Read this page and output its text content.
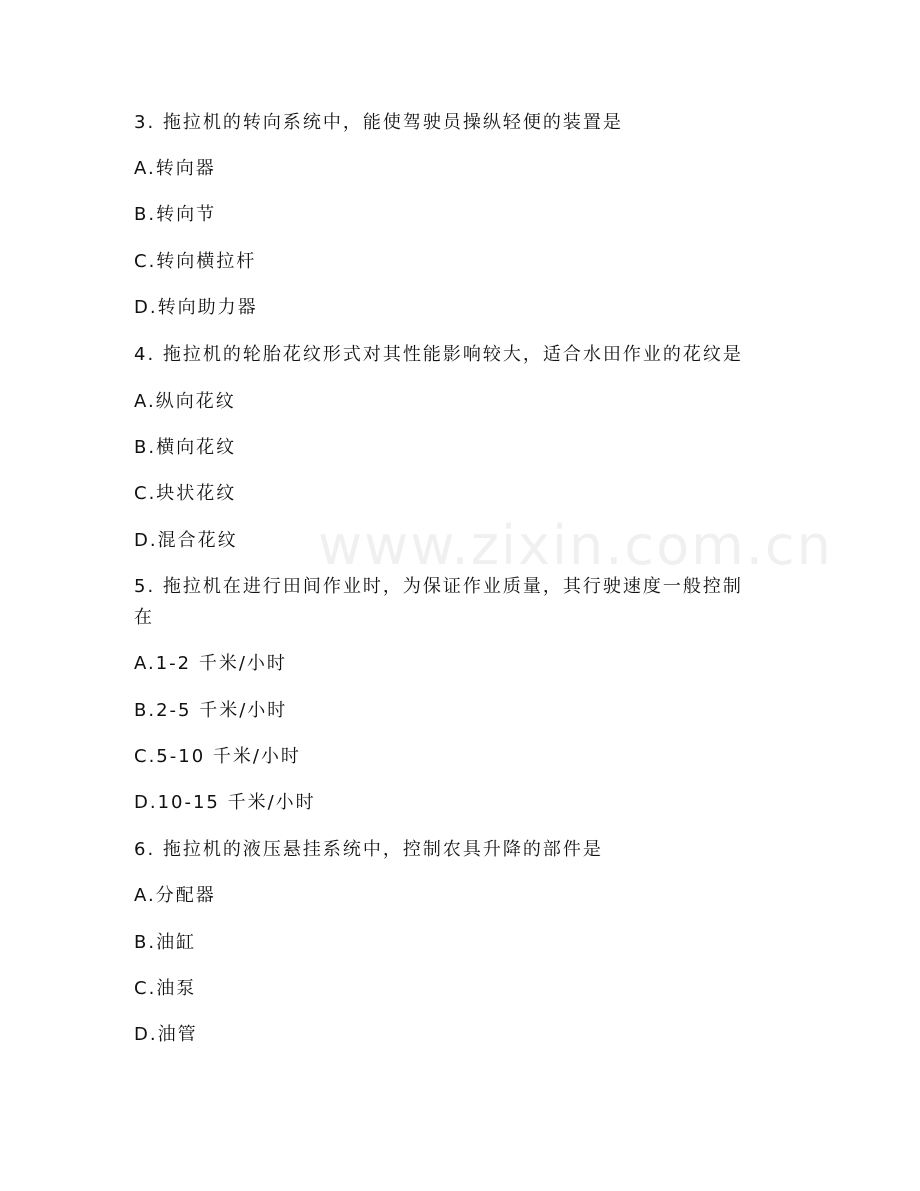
www.zixin.com.cn
3. 拖拉机的转向系统中，能使驾驶员操纵轻便的装置是
A.转向器
B.转向节
C.转向横拉杆
D.转向助力器
4. 拖拉机的轮胎花纹形式对其性能影响较大，适合水田作业的花纹是
A.纵向花纹
B.横向花纹
C.块状花纹
D.混合花纹
5. 拖拉机在进行田间作业时，为保证作业质量，其行驶速度一般控制
在
A.1-2 千米/小时
B.2-5 千米/小时
C.5-10 千米/小时
D.10-15 千米/小时
6. 拖拉机的液压悬挂系统中，控制农具升降的部件是
A.分配器
B.油缸
C.油泵
D.油管
